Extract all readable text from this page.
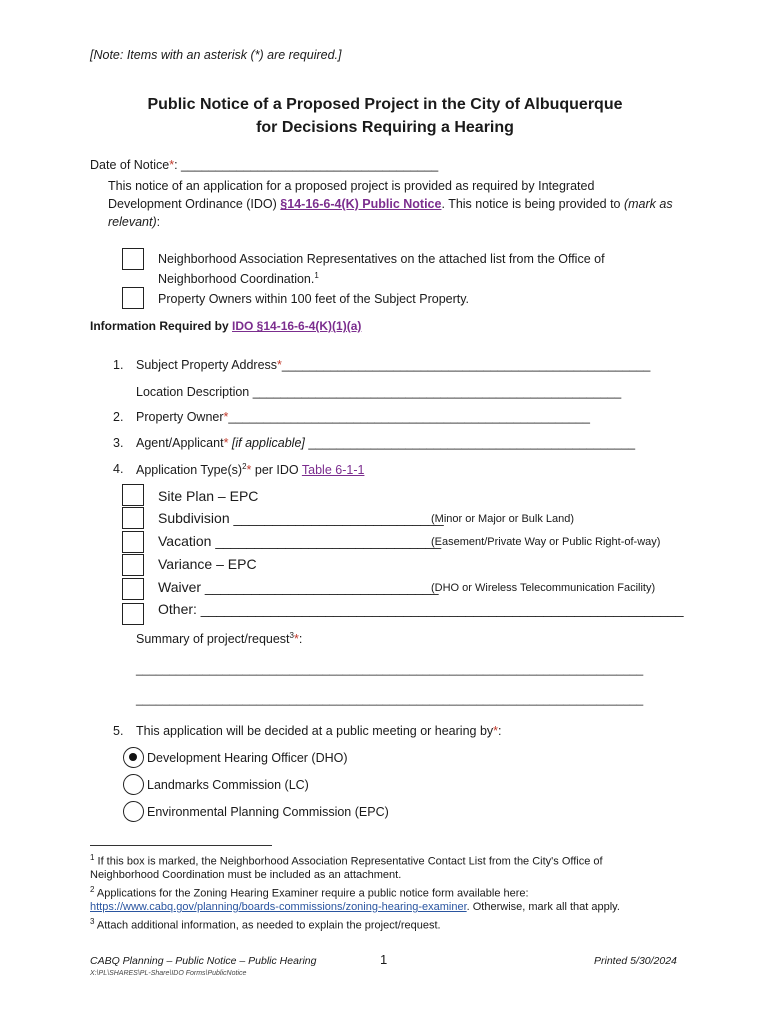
[Note: Items with an asterisk (*) are required.]
Public Notice of a Proposed Project in the City of Albuquerque
for Decisions Requiring a Hearing
Date of Notice*: _____________________________________
This notice of an application for a proposed project is provided as required by Integrated
Development Ordinance (IDO) §14-16-6-4(K) Public Notice. This notice is being provided to (mark as
relevant):
Neighborhood Association Representatives on the attached list from the Office of
Neighborhood Coordination.$^1$
Property Owners within 100 feet of the Subject Property.
Information Required by IDO §14-16-6-4(K)(1)(a)
1. Subject Property Address*_____________________________________________________
Location Description _____________________________________________________
2. Property Owner*____________________________________________________
3. Agent/Applicant* [if applicable] _______________________________________________
4. Application $Type(s)^2*$ per IDO Table 6-1-1
Site Plan – EPC
Subdivision ___________________________
(Minor or Major or Bulk Land)
Vacation _____________________________
(Easement/Private Way or Public Right-of-way)
Variance – EPC
Waiver ______________________________
(DHO or Wireless Telecommunication Facility)
Other: ______________________________________________________________
Summary of project/request$^3$*:
____________________________________________________________________________
____________________________________________________________________________
5. This application will be decided at a public meeting or hearing by*:
Development Hearing Officer (DHO)
Landmarks Commission (LC)
Environmental Planning Commission (EPC)
$^1$ If this box is marked, the Neighborhood Association Representative Contact List from the City's Office of
Neighborhood Coordination must be included as an attachment.
$^2$ Applications for the Zoning Hearing Examiner require a public notice form available here:
https://www.cabq.gov/planning/boards-commissions/zoning-hearing-examiner. Otherwise, mark all that apply.
$^3$ Attach additional information, as needed to explain the project/request.
CABQ Planning – Public Notice – Public Hearing	1	Printed 5/30/2024
X:\PL\SHARES\PL-Share\IDO Forms\PublicNotice
